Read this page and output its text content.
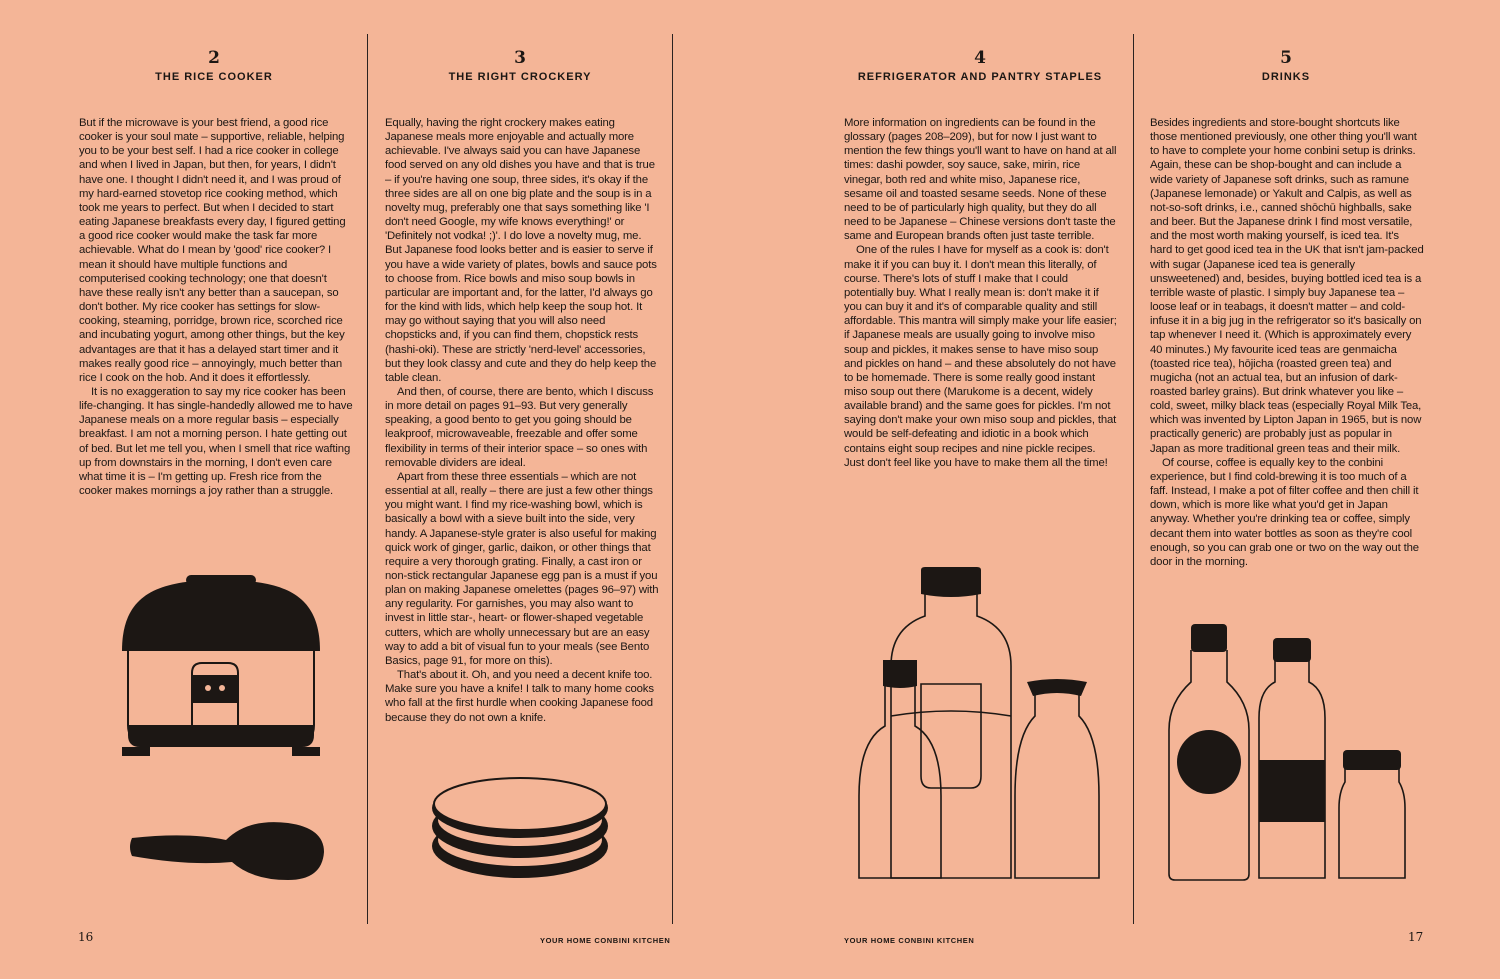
2
THE RICE COOKER

But if the microwave is your best friend, a good rice cooker is your soul mate – supportive, reliable, helping you to be your best self. I had a rice cooker in college and when I lived in Japan, but then, for years, I didn't have one. I thought I didn't need it, and I was proud of my hard-earned stovetop rice cooking method, which took me years to perfect. But when I decided to start eating Japanese breakfasts every day, I figured getting a good rice cooker would make the task far more achievable. What do I mean by 'good' rice cooker? I mean it should have multiple functions and computerised cooking technology; one that doesn't have these really isn't any better than a saucepan, so don't bother. My rice cooker has settings for slow-cooking, steaming, porridge, brown rice, scorched rice and incubating yogurt, among other things, but the key advantages are that it has a delayed start timer and it makes really good rice – annoyingly, much better than rice I cook on the hob. And it does it effortlessly.

It is no exaggeration to say my rice cooker has been life-changing. It has single-handedly allowed me to have Japanese meals on a more regular basis – especially breakfast. I am not a morning person. I hate getting out of bed. But let me tell you, when I smell that rice wafting up from downstairs in the morning, I don't even care what time it is – I'm getting up. Fresh rice from the cooker makes mornings a joy rather than a struggle.

3
THE RIGHT CROCKERY

Equally, having the right crockery makes eating Japanese meals more enjoyable and actually more achievable. I've always said you can have Japanese food served on any old dishes you have and that is true – if you're having one soup, three sides, it's okay if the three sides are all on one big plate and the soup is in a novelty mug, preferably one that says something like 'I don't need Google, my wife knows everything!' or 'Definitely not vodka! ;)'. I do love a novelty mug, me. But Japanese food looks better and is easier to serve if you have a wide variety of plates, bowls and sauce pots to choose from. Rice bowls and miso soup bowls in particular are important and, for the latter, I'd always go for the kind with lids, which help keep the soup hot. It may go without saying that you will also need chopsticks and, if you can find them, chopstick rests (hashi-oki). These are strictly 'nerd-level' accessories, but they look classy and cute and they do help keep the table clean.

And then, of course, there are bento, which I discuss in more detail on pages 91–93. But very generally speaking, a good bento to get you going should be leakproof, microwaveable, freezable and offer some flexibility in terms of their interior space – so ones with removable dividers are ideal.

Apart from these three essentials – which are not essential at all, really – there are just a few other things you might want. I find my rice-washing bowl, which is basically a bowl with a sieve built into the side, very handy. A Japanese-style grater is also useful for making quick work of ginger, garlic, daikon, or other things that require a very thorough grating. Finally, a cast iron or non-stick rectangular Japanese egg pan is a must if you plan on making Japanese omelettes (pages 96–97) with any regularity. For garnishes, you may also want to invest in little star-, heart- or flower-shaped vegetable cutters, which are wholly unnecessary but are an easy way to add a bit of visual fun to your meals (see Bento Basics, page 91, for more on this).

That's about it. Oh, and you need a decent knife too. Make sure you have a knife! I talk to many home cooks who fall at the first hurdle when cooking Japanese food because they do not own a knife.

4
REFRIGERATOR AND PANTRY STAPLES

More information on ingredients can be found in the glossary (pages 208–209), but for now I just want to mention the few things you'll want to have on hand at all times: dashi powder, soy sauce, sake, mirin, rice vinegar, both red and white miso, Japanese rice, sesame oil and toasted sesame seeds. None of these need to be of particularly high quality, but they do all need to be Japanese – Chinese versions don't taste the same and European brands often just taste terrible.

One of the rules I have for myself as a cook is: don't make it if you can buy it. I don't mean this literally, of course. There's lots of stuff I make that I could potentially buy. What I really mean is: don't make it if you can buy it and it's of comparable quality and still affordable. This mantra will simply make your life easier; if Japanese meals are usually going to involve miso soup and pickles, it makes sense to have miso soup and pickles on hand – and these absolutely do not have to be homemade. There is some really good instant miso soup out there (Marukome is a decent, widely available brand) and the same goes for pickles. I'm not saying don't make your own miso soup and pickles, that would be self-defeating and idiotic in a book which contains eight soup recipes and nine pickle recipes. Just don't feel like you have to make them all the time!

5
DRINKS

Besides ingredients and store-bought shortcuts like those mentioned previously, one other thing you'll want to have to complete your home conbini setup is drinks. Again, these can be shop-bought and can include a wide variety of Japanese soft drinks, such as ramune (Japanese lemonade) or Yakult and Calpis, as well as not-so-soft drinks, i.e., canned shōchū highballs, sake and beer. But the Japanese drink I find most versatile, and the most worth making yourself, is iced tea. It's hard to get good iced tea in the UK that isn't jam-packed with sugar (Japanese iced tea is generally unsweetened) and, besides, buying bottled iced tea is a terrible waste of plastic. I simply buy Japanese tea – loose leaf or in teabags, it doesn't matter – and cold-infuse it in a big jug in the refrigerator so it's basically on tap whenever I need it. (Which is approximately every 40 minutes.) My favourite iced teas are genmaicha (toasted rice tea), hōjicha (roasted green tea) and mugicha (not an actual tea, but an infusion of dark-roasted barley grains). But drink whatever you like – cold, sweet, milky black teas (especially Royal Milk Tea, which was invented by Lipton Japan in 1965, but is now practically generic) are probably just as popular in Japan as more traditional green teas and their milk.

Of course, coffee is equally key to the conbini experience, but I find cold-brewing it is too much of a faff. Instead, I make a pot of filter coffee and then chill it down, which is more like what you'd get in Japan anyway. Whether you're drinking tea or coffee, simply decant them into water bottles as soon as they're cool enough, so you can grab one or two on the way out the door in the morning.

16	YOUR HOME CONBINI KITCHEN	YOUR HOME CONBINI KITCHEN	17
